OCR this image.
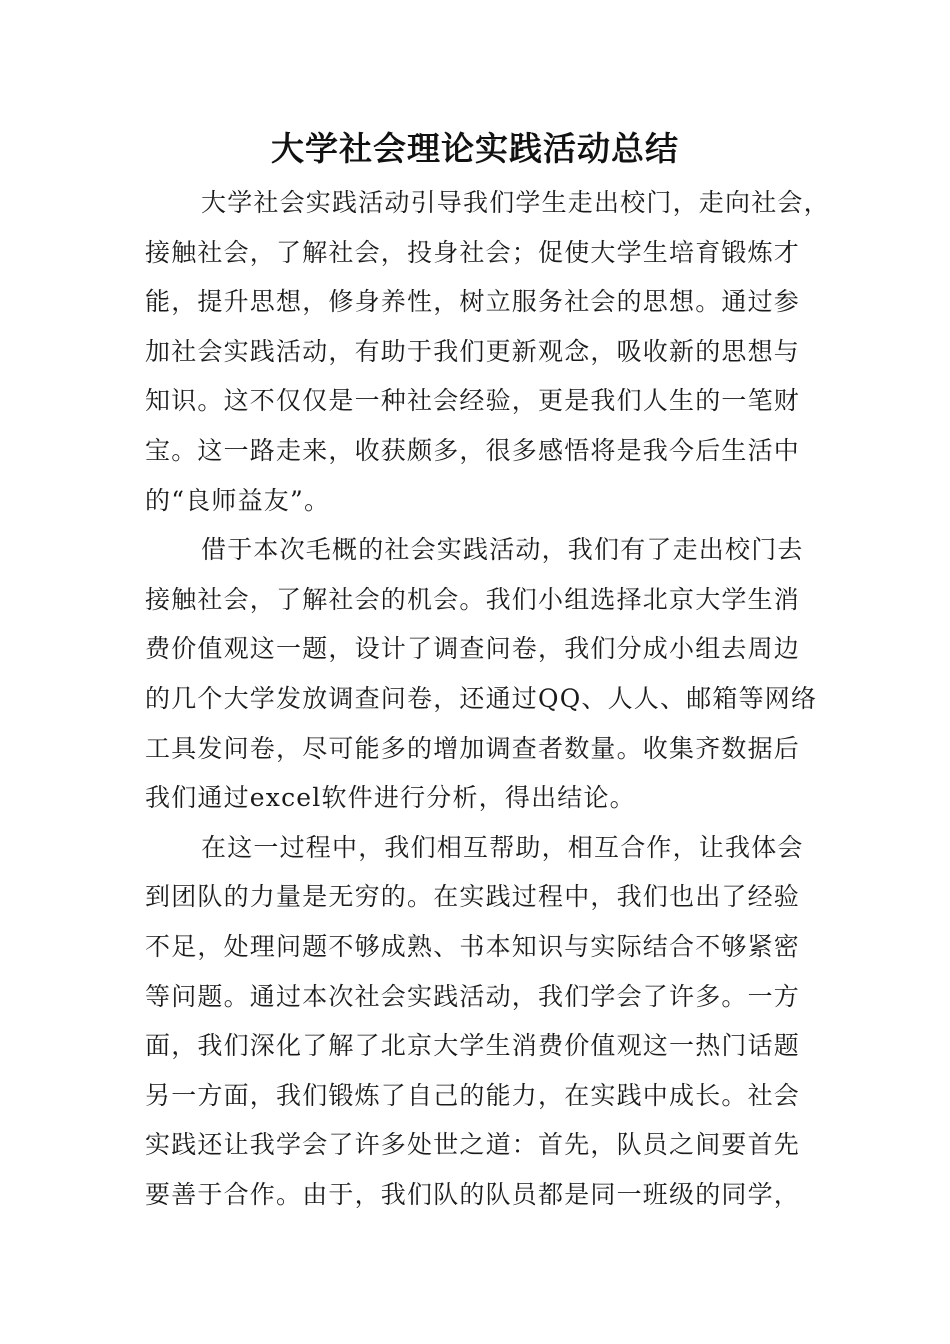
大学社会理论实践活动总结

大学社会实践活动引导我们学生走出校门，走向社会，

接触社会，了解社会，投身社会；促使大学生培育锻炼才

能，提升思想，修身养性，树立服务社会的思想。通过参

加社会实践活动，有助于我们更新观念，吸收新的思想与

知识。这不仅仅是一种社会经验，更是我们人生的一笔财

宝。这一路走来，收获颇多，很多感悟将是我今后生活中

的“良师益友”。

借于本次毛概的社会实践活动，我们有了走出校门去

接触社会，了解社会的机会。我们小组选择北京大学生消

费价值观这一题，设计了调查问卷，我们分成小组去周边

的几个大学发放调查问卷，还通过QQ、人人、邮箱等网络

工具发问卷，尽可能多的增加调查者数量。收集齐数据后

我们通过excel软件进行分析，得出结论。

在这一过程中，我们相互帮助，相互合作，让我体会

到团队的力量是无穷的。在实践过程中，我们也出了经验

不足，处理问题不够成熟、书本知识与实际结合不够紧密

等问题。通过本次社会实践活动，我们学会了许多。一方

面，我们深化了解了北京大学生消费价值观这一热门话题

另一方面，我们锻炼了自己的能力，在实践中成长。社会

实践还让我学会了许多处世之道：首先，队员之间要首先

要善于合作。由于，我们队的队员都是同一班级的同学，
